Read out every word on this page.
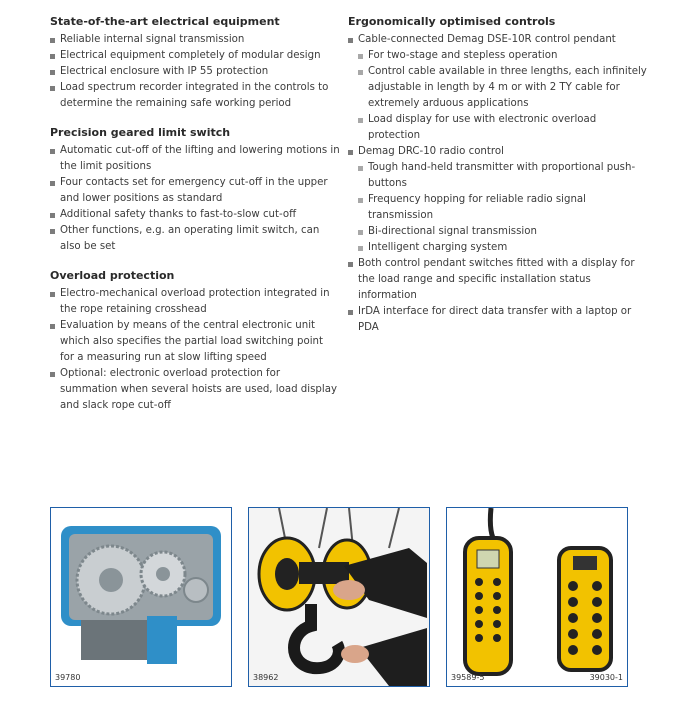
State-of-the-art electrical equipment
Reliable internal signal transmission
Electrical equipment completely of modular design
Electrical enclosure with IP 55 protection
Load spectrum recorder integrated in the controls to determine the remaining safe working period
Precision geared limit switch
Automatic cut-off of the lifting and lowering motions in the limit positions
Four contacts set for emergency cut-off in the upper and lower positions as standard
Additional safety thanks to fast-to-slow cut-off
Other functions, e.g. an operating limit switch, can also be set
Overload protection
Electro-mechanical overload protection integrated in the rope retaining crosshead
Evaluation by means of the central electronic unit which also specifies the partial load switching point for a measuring run at slow lifting speed
Optional: electronic overload protection for summation when several hoists are used, load display and slack rope cut-off
Ergonomically optimised controls
Cable-connected Demag DSE-10R control pendant
For two-stage and stepless operation
Control cable available in three lengths, each infinitely adjustable in length by 4 m or with 2 TY cable for extremely arduous applications
Load display for use with electronic overload protection
Demag DRC-10 radio control
Tough hand-held transmitter with proportional push-buttons
Frequency hopping for reliable radio signal transmission
Bi-directional signal transmission
Intelligent charging system
Both control pendant switches fitted with a display for the load range and specific installation status information
IrDA interface for direct data transfer with a laptop or PDA
39780	38962	39589-5	39030-1
